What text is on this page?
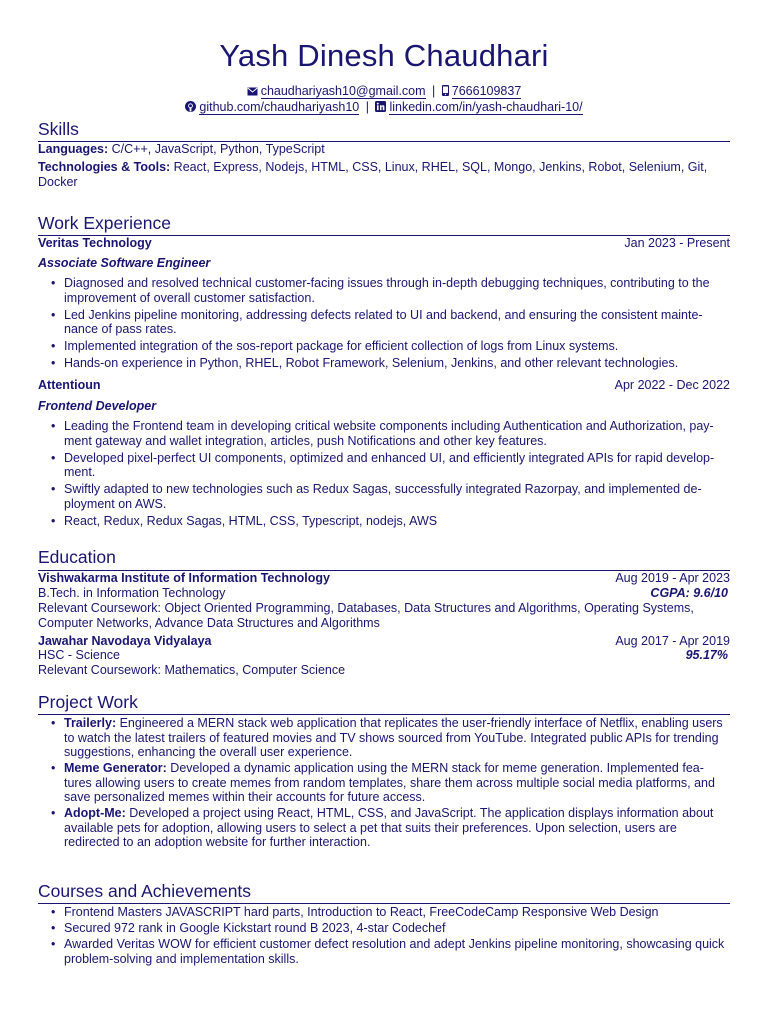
Yash Dinesh Chaudhari
chaudhariyash10@gmail.com | 7666109837
github.com/chaudhariyash10 | linkedin.com/in/yash-chaudhari-10/
Skills
Languages: C/C++, JavaScript, Python, TypeScript
Technologies & Tools: React, Express, Nodejs, HTML, CSS, Linux, RHEL, SQL, Mongo, Jenkins, Robot, Selenium, Git,
Docker
Work Experience
Veritas Technology	Jan 2023 - Present
Associate Software Engineer
• Diagnosed and resolved technical customer-facing issues through in-depth debugging techniques, contributing to the
improvement of overall customer satisfaction.
• Led Jenkins pipeline monitoring, addressing defects related to UI and backend, and ensuring the consistent mainte-
nance of pass rates.
• Implemented integration of the sos-report package for efficient collection of logs from Linux systems.
• Hands-on experience in Python, RHEL, Robot Framework, Selenium, Jenkins, and other relevant technologies.
Attentioun	Apr 2022 - Dec 2022
Frontend Developer
• Leading the Frontend team in developing critical website components including Authentication and Authorization, pay-
ment gateway and wallet integration, articles, push Notifications and other key features.
• Developed pixel-perfect UI components, optimized and enhanced UI, and efficiently integrated APIs for rapid develop-
ment.
• Swiftly adapted to new technologies such as Redux Sagas, successfully integrated Razorpay, and implemented de-
ployment on AWS.
• React, Redux, Redux Sagas, HTML, CSS, Typescript, nodejs, AWS
Education
Vishwakarma Institute of Information Technology	Aug 2019 - Apr 2023
B.Tech. in Information Technology	CGPA: 9.6/10
Relevant Coursework: Object Oriented Programming, Databases, Data Structures and Algorithms, Operating Systems,
Computer Networks, Advance Data Structures and Algorithms
Jawahar Navodaya Vidyalaya	Aug 2017 - Apr 2019
HSC - Science	95.17%
Relevant Coursework: Mathematics, Computer Science
Project Work
• Trailerly: Engineered a MERN stack web application that replicates the user-friendly interface of Netflix, enabling users
to watch the latest trailers of featured movies and TV shows sourced from YouTube. Integrated public APIs for trending
suggestions, enhancing the overall user experience.
• Meme Generator: Developed a dynamic application using the MERN stack for meme generation. Implemented fea-
tures allowing users to create memes from random templates, share them across multiple social media platforms, and
save personalized memes within their accounts for future access.
• Adopt-Me: Developed a project using React, HTML, CSS, and JavaScript. The application displays information about
available pets for adoption, allowing users to select a pet that suits their preferences. Upon selection, users are
redirected to an adoption website for further interaction.
Courses and Achievements
• Frontend Masters JAVASCRIPT hard parts, Introduction to React, FreeCodeCamp Responsive Web Design
• Secured 972 rank in Google Kickstart round B 2023, 4-star Codechef
• Awarded Veritas WOW for efficient customer defect resolution and adept Jenkins pipeline monitoring, showcasing quick
problem-solving and implementation skills.
